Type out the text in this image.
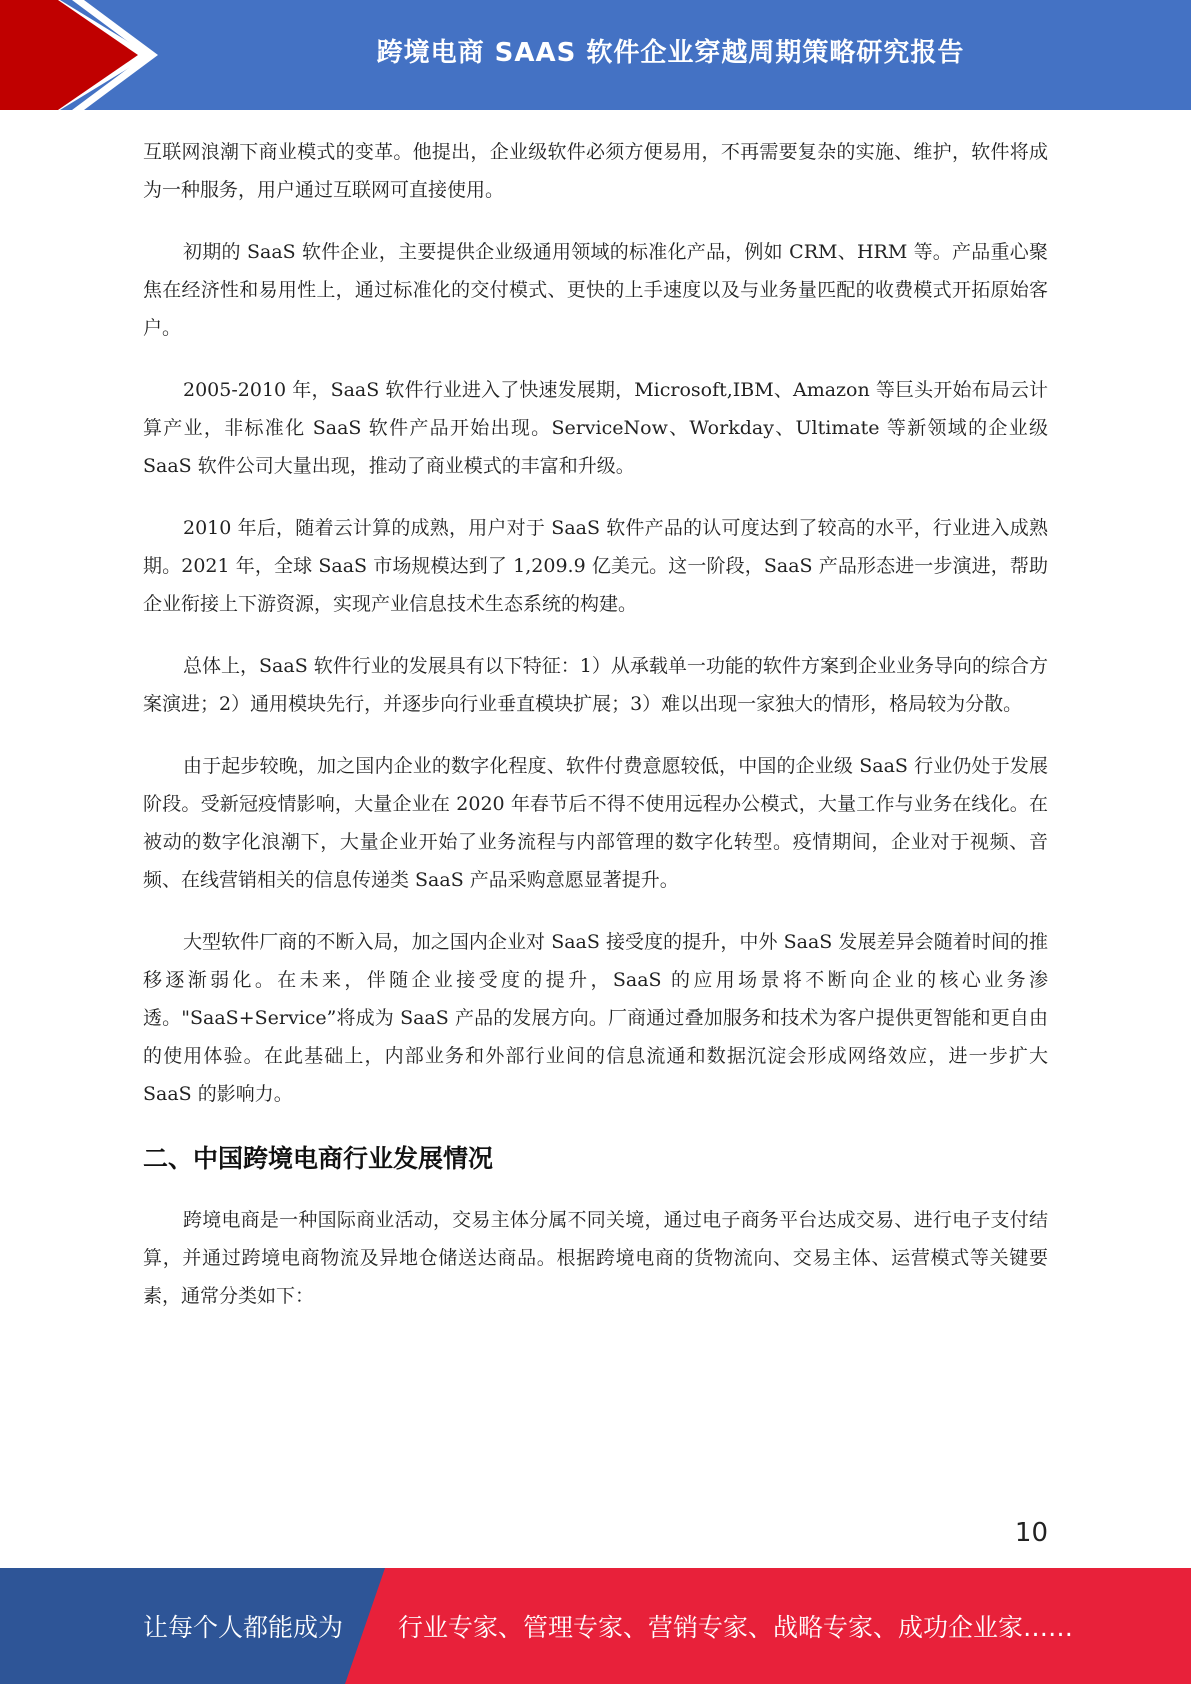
跨境电商 SAAS 软件企业穿越周期策略研究报告

互联网浪潮下商业模式的变革。他提出，企业级软件必须方便易用，不再需要复杂的实施、维护，软件将成为一种服务，用户通过互联网可直接使用。

初期的 SaaS 软件企业，主要提供企业级通用领域的标准化产品，例如 CRM、HRM 等。产品重心聚焦在经济性和易用性上，通过标准化的交付模式、更快的上手速度以及与业务量匹配的收费模式开拓原始客户。

2005-2010 年，SaaS 软件行业进入了快速发展期，Microsoft,IBM、Amazon 等巨头开始布局云计算产业，非标准化 SaaS 软件产品开始出现。ServiceNow、Workday、Ultimate 等新领域的企业级 SaaS 软件公司大量出现，推动了商业模式的丰富和升级。

2010 年后，随着云计算的成熟，用户对于 SaaS 软件产品的认可度达到了较高的水平，行业进入成熟期。2021 年，全球 SaaS 市场规模达到了 1,209.9 亿美元。这一阶段，SaaS 产品形态进一步演进，帮助企业衔接上下游资源，实现产业信息技术生态系统的构建。

总体上，SaaS 软件行业的发展具有以下特征：1）从承载单一功能的软件方案到企业业务导向的综合方案演进；2）通用模块先行，并逐步向行业垂直模块扩展；3）难以出现一家独大的情形，格局较为分散。

由于起步较晚，加之国内企业的数字化程度、软件付费意愿较低，中国的企业级 SaaS 行业仍处于发展阶段。受新冠疫情影响，大量企业在 2020 年春节后不得不使用远程办公模式，大量工作与业务在线化。在被动的数字化浪潮下，大量企业开始了业务流程与内部管理的数字化转型。疫情期间，企业对于视频、音频、在线营销相关的信息传递类 SaaS 产品采购意愿显著提升。

大型软件厂商的不断入局，加之国内企业对 SaaS 接受度的提升，中外 SaaS 发展差异会随着时间的推移逐渐弱化。在未来，伴随企业接受度的提升，SaaS 的应用场景将不断向企业的核心业务渗透。"SaaS+Service”将成为 SaaS 产品的发展方向。厂商通过叠加服务和技术为客户提供更智能和更自由的使用体验。在此基础上，内部业务和外部行业间的信息流通和数据沉淀会形成网络效应，进一步扩大 SaaS 的影响力。

二、中国跨境电商行业发展情况

跨境电商是一种国际商业活动，交易主体分属不同关境，通过电子商务平台达成交易、进行电子支付结算，并通过跨境电商物流及异地仓储送达商品。根据跨境电商的货物流向、交易主体、运营模式等关键要素，通常分类如下：

10
让每个人都能成为 行业专家、管理专家、营销专家、战略专家、成功企业家……
